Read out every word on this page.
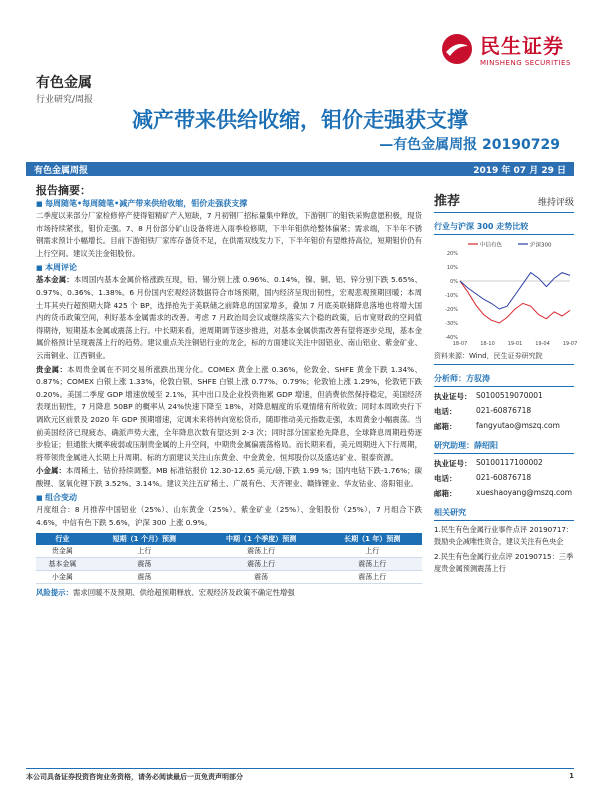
民生证券
MINSHENG SECURITIES
有色金属
行业研究/周报
减产带来供给收缩，钼价走强获支撑
—有色金属周报 20190729
有色金属周报	2019 年 07 月 29 日
报告摘要：
■ 每周随笔•每周随笔•减产带来供给收缩，钼价走强获支撑
二季度以来部分厂家检修停产使得钼精矿产入短缺，7 月初钢厂招标量集中释放，下游钢厂的钼铁采购意愿积极，现货市场持续紧张，钼价走强。7、8 月份部分矿山设备将进入雨季检修期，下半年钼供给整体偏紧；需求端，下半年不锈钢需求预计小幅增长。目前下游钼铁厂家库存备货不足，在供需双线发力下，下半年钼价有望维持高位，短期钼价仍有上行空间。建议关注金钼股份。
■ 本周评论
基本金属：本周国内基本金属价格涨跌互现，铅、锡分别上涨 0.96%、0.14%，镍、铜、铝、锌分别下跌 5.65%、0.97%、0.36%、1.38%。6 月份国内宏观经济数据符合市场预期，国内经济呈现出韧性，宏观悲观预期回暖；本周土耳其央行超预期大降 425 个 BP，选择抢先于美联储之前降息的国家增多，叠加 7 月底美联储降息落地也将增大国内的货币政策空间，利好基本金属需求的改善。考虑 7 月政治局会议或继续落实六个稳的政策，后市宽财政的空间值得期待，短期基本金属或震荡上行。中长期来看，逆周期调节逐步推进，对基本金属供需改善有望将逐步兑现，基本金属价格预计呈现震荡上行的趋势。建议重点关注铜铝行业的龙企，标的方面建议关注中国铝业、南山铝业、紫金矿业、云南铜业、江西铜业。
贵金属：本周贵金属在不同交易所涨跌出现分化。COMEX 黄金上涨 0.36%，伦敦金、SHFE 黄金下跌 1.34%、0.87%；COMEX 白银上涨 1.33%，伦敦白银、SHFE 白银上涨 0.77%、0.79%；伦敦铂上涨 1.29%，伦敦钯下跌 0.20%。美国二季度 GDP 增速放缓至 2.1%，其中出口及企业投资拖累 GDP 增速，但消费依然保持稳定，美国经济表现出韧性，7 月降息 50BP 的概率从 24%快速下降至 18%，对降息幅度的乐观情绪有所收敛；同时本周欧央行下调欧元区前景及 2020 年 GDP 预期增速，定调未来将转向宽松货币，随即推动美元指数走强，本周黄金小幅震荡。当前美国经济已现疲态、确派声势大涨，全年降息次数有望达到 2-3 次；同时部分国家抢先降息，全球降息周期趋势逐步验证；但通胀大概率疲弱或压制贵金属的上升空间，中期贵金属偏震荡格局。而长期来看，美元周期进入下行周期，将带领贵金属进入长期上升周期。标的方面建议关注山东黄金、中金黄金、恒邦股份以及盛达矿业、银泰资源。
小金属：本周稀土、钴价持续调整。MB 标准钴报价 12.30-12.65 美元/磅,下跌 1.99 %；国内电钴下跌-1.76%；碳酸锂、氢氧化锂下跌 3.52%、3.14%。建议关注五矿稀土、广晟有色、天齐锂业、赣锋锂业、华友钴业、洛阳钼业。
■ 组合变动
月度组合：8 月推荐中国铝业（25%）、山东黄金（25%）、紫金矿业（25%）、金钼股份（25%），7 月组合下跌 4.6%，中信有色下跌 5.6%，沪深 300 上涨 0.9%。
行业	短期（1 个月）预测	中期（1 个季度）预测	长期（1 年）预测
贵金属	上行	震荡上行	上行
基本金属	震荡	震荡上行	震荡上行
小金属	震荡	震荡	震荡上行
风险提示：需求回暖不及预期、供给超预期释放、宏观经济及政策不确定性增强
推荐	维持评级
行业与沪深 300 走势比较
中信有色	沪深300
20%
10%
0%
-10%
-20%
-30%
-40%
18-07	18-10	19-01	19-04	19-07
资料来源：Wind，民生证券研究院
分析师：方驭涛
执业证号： S0100519070001
电话：	021-60876718
邮箱：	fangyutao@mszq.com
研究助理：薛绍阳
执业证号： S0100117100002
电话：	021-60876718
邮箱：	xueshaoyang@mszq.com
相关研究
1.民生有色金属行业事件点评 20190717：鼓励央企减唯性资合，建议关注有色央企
2.民生有色金属行业点评 20190715：三季度贵金属预测震荡上行
本公司具备证券投资咨询业务资格，请务必阅读最后一页免责声明部分	1
